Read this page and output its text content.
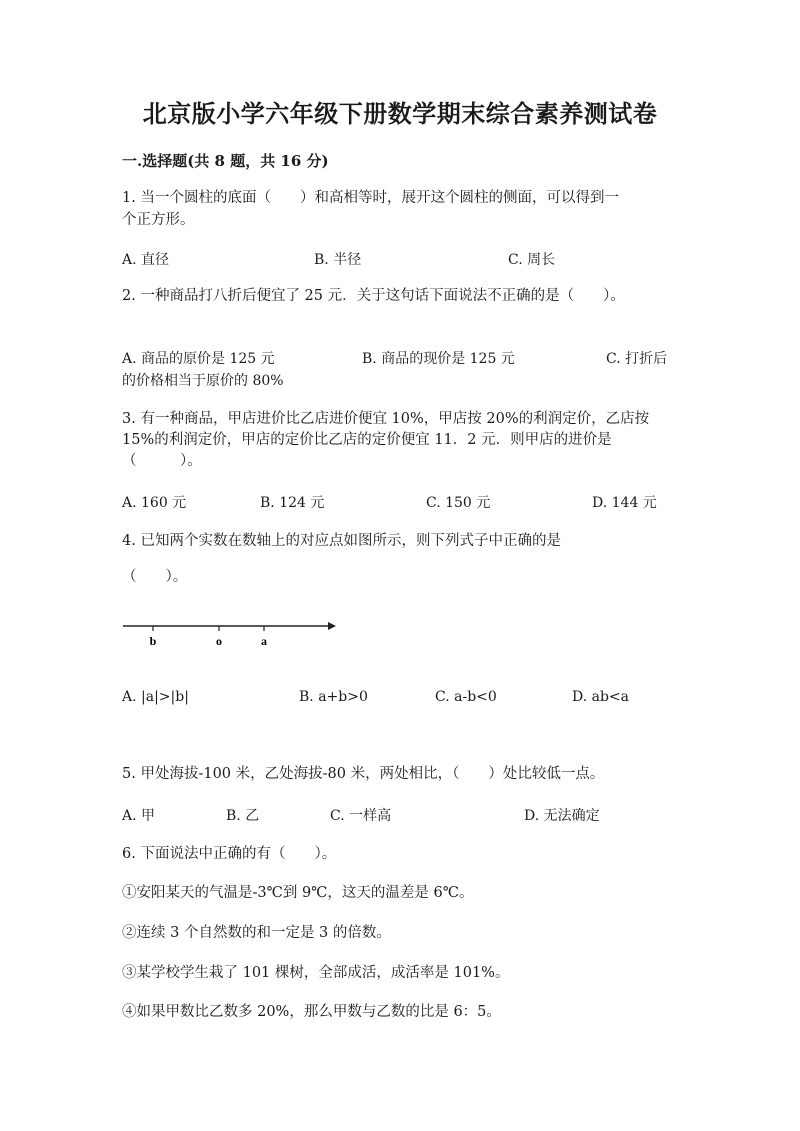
北京版小学六年级下册数学期末综合素养测试卷
一.选择题(共 8 题，共 16 分)
1. 当一个圆柱的底面（　　）和高相等时，展开这个圆柱的侧面，可以得到一
个正方形。
A. 直径	B. 半径	C. 周长
2. 一种商品打八折后便宜了 25 元．关于这句话下面说法不正确的是（　　）。
A. 商品的原价是 125 元	B. 商品的现价是 125 元	C. 打折后
的价格相当于原价的 80%
3. 有一种商品，甲店进价比乙店进价便宜 10%，甲店按 20%的利润定价，乙店按
15%的利润定价，甲店的定价比乙店的定价便宜 11．2 元．则甲店的进价是
（　　　）。
A. 160 元	B. 124 元	C. 150 元	D. 144 元
4. 已知两个实数在数轴上的对应点如图所示，则下列式子中正确的是
（　　）。
b	o	a
A. |a|>|b|	B. a+b>0	C. a-b<0	D. ab<a
5. 甲处海拔-100 米，乙处海拔-80 米，两处相比，（　　）处比较低一点。
A. 甲	B. 乙	C. 一样高	D. 无法确定
6. 下面说法中正确的有（　　）。
①安阳某天的气温是-3℃到 9℃，这天的温差是 6℃。
②连续 3 个自然数的和一定是 3 的倍数。
③某学校学生栽了 101 棵树，全部成活，成活率是 101%。
④如果甲数比乙数多 20%，那么甲数与乙数的比是 6：5。
